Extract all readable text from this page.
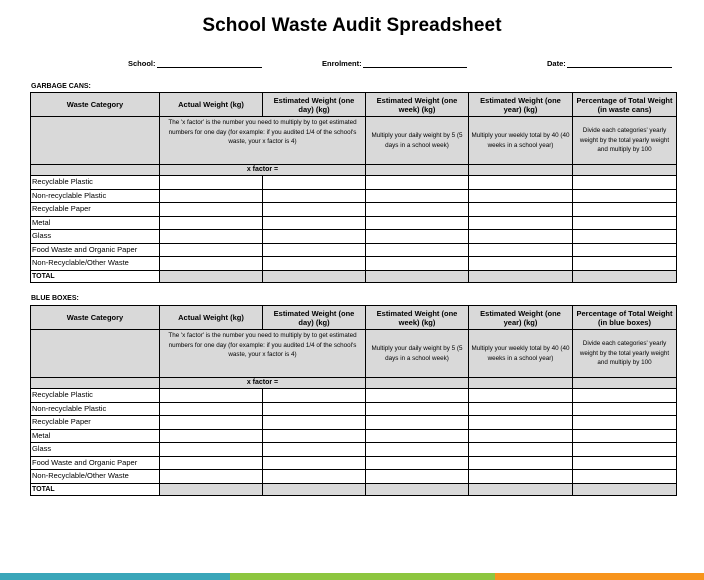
School Waste Audit Spreadsheet
School:	Enrolment:	Date:
GARBAGE CANS:
Waste Category	Actual Weight (kg)	Estimated Weight (one day) (kg)	Estimated Weight (one week) (kg)	Estimated Weight (one year) (kg)	Percentage of Total Weight (in waste cans)
	The 'x factor' is the number you need to multiply by to get estimated numbers for one day (for example: if you audited 1/4 of the school's waste, your x factor is 4)		Multiply your daily weight by 5 (5 days in a school week)	Multiply your weekly total by 40 (40 weeks in a school year)	Divide each categories' yearly weight by the total yearly weight and multiply by 100
	x factor =				
Recyclable Plastic					
Non-recyclable Plastic					
Recyclable Paper					
Metal					
Glass					
Food Waste and Organic Paper					
Non-Recyclable/Other Waste					
TOTAL					
BLUE BOXES:
Waste Category	Actual Weight (kg)	Estimated Weight (one day) (kg)	Estimated Weight (one week) (kg)	Estimated Weight (one year) (kg)	Percentage of Total Weight (in blue boxes)
	The 'x factor' is the number you need to multiply by to get estimated numbers for one day (for example: if you audited 1/4 of the school's waste, your x factor is 4)		Multiply your daily weight by 5 (5 days in a school week)	Multiply your weekly total by 40 (40 weeks in a school year)	Divide each categories' yearly weight by the total yearly weight and multiply by 100
	x factor =				
Recyclable Plastic					
Non-recyclable Plastic					
Recyclable Paper					
Metal					
Glass					
Food Waste and Organic Paper					
Non-Recyclable/Other Waste					
TOTAL					
